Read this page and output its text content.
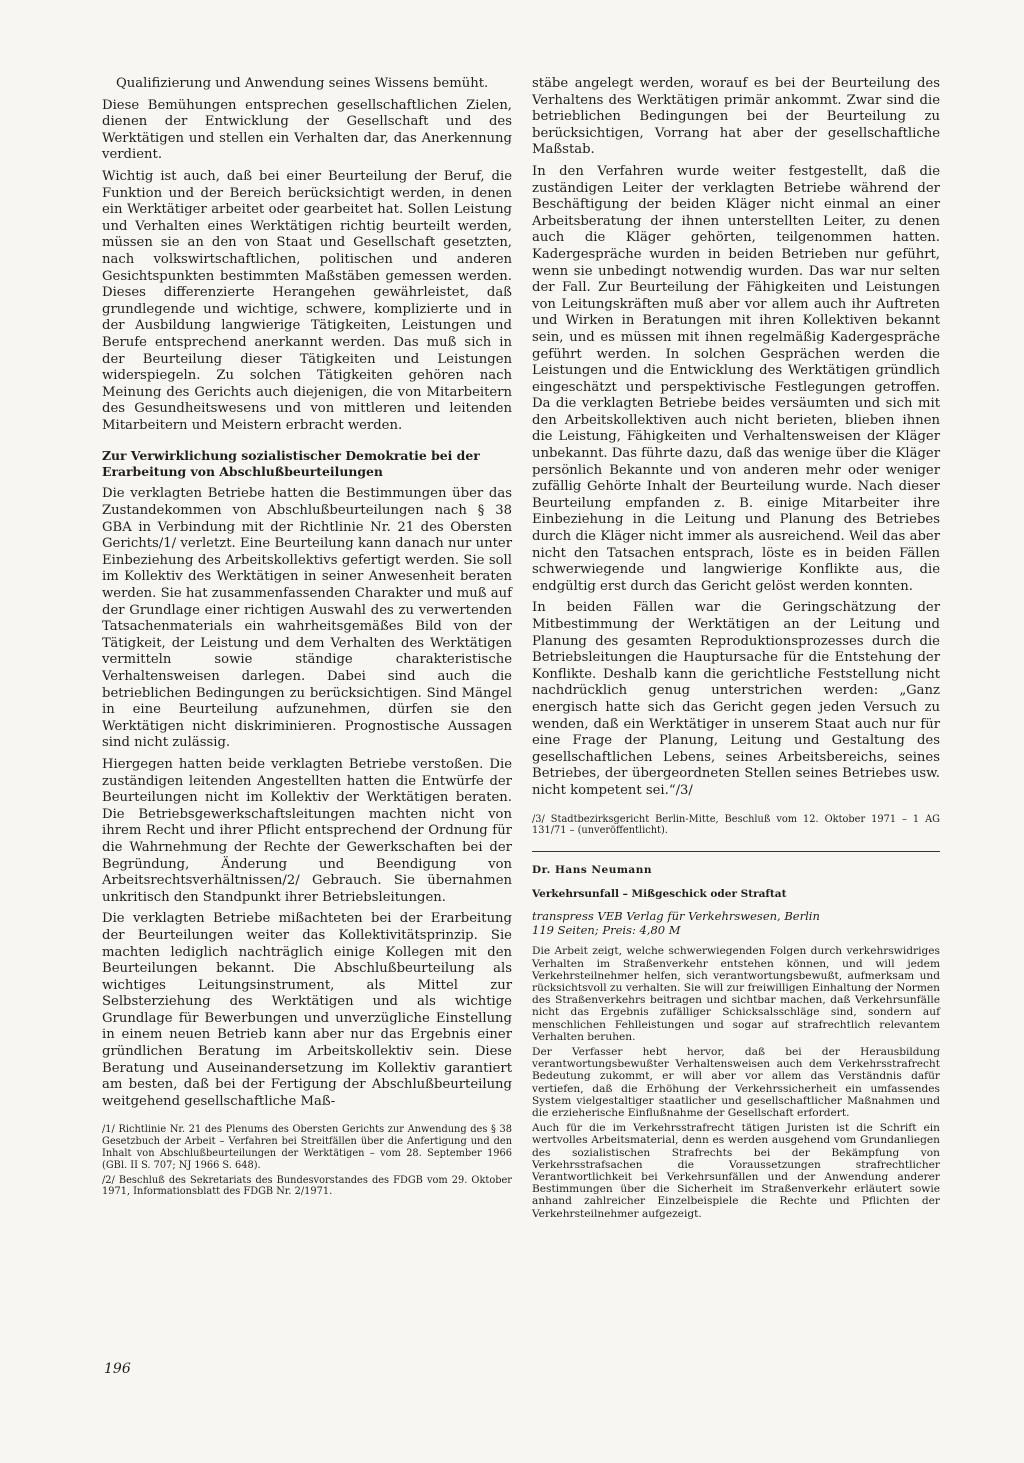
Qualifizierung und Anwendung seines Wissens bemüht.

Diese Bemühungen entsprechen gesellschaftlichen Zielen, dienen der Entwicklung der Gesellschaft und des Werktätigen und stellen ein Verhalten dar, das Anerkennung verdient.

Wichtig ist auch, daß bei einer Beurteilung der Beruf, die Funktion und der Bereich berücksichtigt werden, in denen ein Werktätiger arbeitet oder gearbeitet hat. Sollen Leistung und Verhalten eines Werktätigen richtig beurteilt werden, müssen sie an den von Staat und Gesellschaft gesetzten, nach volkswirtschaftlichen, politischen und anderen Gesichtspunkten bestimmten Maßstäben gemessen werden. Dieses differenzierte Herangehen gewährleistet, daß grundlegende und wichtige, schwere, komplizierte und in der Ausbildung langwierige Tätigkeiten, Leistungen und Berufe entsprechend anerkannt werden. Das muß sich in der Beurteilung dieser Tätigkeiten und Leistungen widerspiegeln. Zu solchen Tätigkeiten gehören nach Meinung des Gerichts auch diejenigen, die von Mitarbeitern des Gesundheitswesens und von mittleren und leitenden Mitarbeitern und Meistern erbracht werden.

Zur Verwirklichung sozialistischer Demokratie bei der Erarbeitung von Abschlußbeurteilungen

Die verklagten Betriebe hatten die Bestimmungen über das Zustandekommen von Abschlußbeurteilungen nach § 38 GBA in Verbindung mit der Richtlinie Nr. 21 des Obersten Gerichts/1/ verletzt. Eine Beurteilung kann danach nur unter Einbeziehung des Arbeitskollektivs gefertigt werden. Sie soll im Kollektiv des Werktätigen in seiner Anwesenheit beraten werden. Sie hat zusammenfassenden Charakter und muß auf der Grundlage einer richtigen Auswahl des zu verwertenden Tatsachenmaterials ein wahrheitsgemäßes Bild von der Tätigkeit, der Leistung und dem Verhalten des Werktätigen vermitteln sowie ständige charakteristische Verhaltensweisen darlegen. Dabei sind auch die betrieblichen Bedingungen zu berücksichtigen. Sind Mängel in eine Beurteilung aufzunehmen, dürfen sie den Werktätigen nicht diskriminieren. Prognostische Aussagen sind nicht zulässig.

Hiergegen hatten beide verklagten Betriebe verstoßen. Die zuständigen leitenden Angestellten hatten die Entwürfe der Beurteilungen nicht im Kollektiv der Werktätigen beraten. Die Betriebsgewerkschaftsleitungen machten nicht von ihrem Recht und ihrer Pflicht entsprechend der Ordnung für die Wahrnehmung der Rechte der Gewerkschaften bei der Begründung, Änderung und Beendigung von Arbeitsrechtsverhältnissen/2/ Gebrauch. Sie übernahmen unkritisch den Standpunkt ihrer Betriebsleitungen.

Die verklagten Betriebe mißachteten bei der Erarbeitung der Beurteilungen weiter das Kollektivitätsprinzip. Sie machten lediglich nachträglich einige Kollegen mit den Beurteilungen bekannt. Die Abschlußbeurteilung als wichtiges Leitungsinstrument, als Mittel zur Selbsterziehung des Werktätigen und als wichtige Grundlage für Bewerbungen und unverzügliche Einstellung in einem neuen Betrieb kann aber nur das Ergebnis einer gründlichen Beratung im Arbeitskollektiv sein. Diese Beratung und Auseinandersetzung im Kollektiv garantiert am besten, daß bei der Fertigung der Abschlußbeurteilung weitgehend gesellschaftliche Maß-

/1/ Richtlinie Nr. 21 des Plenums des Obersten Gerichts zur Anwendung des § 38 Gesetzbuch der Arbeit – Verfahren bei Streitfällen über die Anfertigung und den Inhalt von Abschlußbeurteilungen der Werktätigen – vom 28. September 1966 (GBl. II S. 707; NJ 1966 S. 648).

/2/ Beschluß des Sekretariats des Bundesvorstandes des FDGB vom 29. Oktober 1971, Informationsblatt des FDGB Nr. 2/1971.

stäbe angelegt werden, worauf es bei der Beurteilung des Verhaltens des Werktätigen primär ankommt. Zwar sind die betrieblichen Bedingungen bei der Beurteilung zu berücksichtigen, Vorrang hat aber der gesellschaftliche Maßstab.

In den Verfahren wurde weiter festgestellt, daß die zuständigen Leiter der verklagten Betriebe während der Beschäftigung der beiden Kläger nicht einmal an einer Arbeitsberatung der ihnen unterstellten Leiter, zu denen auch die Kläger gehörten, teilgenommen hatten. Kadergespräche wurden in beiden Betrieben nur geführt, wenn sie unbedingt notwendig wurden. Das war nur selten der Fall. Zur Beurteilung der Fähigkeiten und Leistungen von Leitungskräften muß aber vor allem auch ihr Auftreten und Wirken in Beratungen mit ihren Kollektiven bekannt sein, und es müssen mit ihnen regelmäßig Kadergespräche geführt werden. In solchen Gesprächen werden die Leistungen und die Entwicklung des Werktätigen gründlich eingeschätzt und perspektivische Festlegungen getroffen. Da die verklagten Betriebe beides versäumten und sich mit den Arbeitskollektiven auch nicht berieten, blieben ihnen die Leistung, Fähigkeiten und Verhaltensweisen der Kläger unbekannt. Das führte dazu, daß das wenige über die Kläger persönlich Bekannte und von anderen mehr oder weniger zufällig Gehörte Inhalt der Beurteilung wurde. Nach dieser Beurteilung empfanden z. B. einige Mitarbeiter ihre Einbeziehung in die Leitung und Planung des Betriebes durch die Kläger nicht immer als ausreichend. Weil das aber nicht den Tatsachen entsprach, löste es in beiden Fällen schwerwiegende und langwierige Konflikte aus, die endgültig erst durch das Gericht gelöst werden konnten.

In beiden Fällen war die Geringschätzung der Mitbestimmung der Werktätigen an der Leitung und Planung des gesamten Reproduktionsprozesses durch die Betriebsleitungen die Hauptursache für die Entstehung der Konflikte. Deshalb kann die gerichtliche Feststellung nicht nachdrücklich genug unterstrichen werden: „Ganz energisch hatte sich das Gericht gegen jeden Versuch zu wenden, daß ein Werktätiger in unserem Staat auch nur für eine Frage der Planung, Leitung und Gestaltung des gesellschaftlichen Lebens, seines Arbeitsbereichs, seines Betriebes, der übergeordneten Stellen seines Betriebes usw. nicht kompetent sei.“/3/

/3/ Stadtbezirksgericht Berlin-Mitte, Beschluß vom 12. Oktober 1971 – 1 AG 131/71 – (unveröffentlicht).

Dr. Hans Neumann
Verkehrsunfall – Mißgeschick oder Straftat
transpress VEB Verlag für Verkehrswesen, Berlin
119 Seiten; Preis: 4,80 M

Die Arbeit zeigt, welche schwerwiegenden Folgen durch verkehrswidriges Verhalten im Straßenverkehr entstehen können, und will jedem Verkehrsteilnehmer helfen, sich verantwortungsbewußt, aufmerksam und rücksichtsvoll zu verhalten. Sie will zur freiwilligen Einhaltung der Normen des Straßenverkehrs beitragen und sichtbar machen, daß Verkehrsunfälle nicht das Ergebnis zufälliger Schicksalsschläge sind, sondern auf menschlichen Fehlleistungen und sogar auf strafrechtlich relevantem Verhalten beruhen.

Der Verfasser hebt hervor, daß bei der Herausbildung verantwortungsbewußter Verhaltensweisen auch dem Verkehrsstrafrecht Bedeutung zukommt, er will aber vor allem das Verständnis dafür vertiefen, daß die Erhöhung der Verkehrssicherheit ein umfassendes System vielgestaltiger staatlicher und gesellschaftlicher Maßnahmen und die erzieherische Einflußnahme der Gesellschaft erfordert.

Auch für die im Verkehrsstrafrecht tätigen Juristen ist die Schrift ein wertvolles Arbeitsmaterial, denn es werden ausgehend vom Grundanliegen des sozialistischen Strafrechts bei der Bekämpfung von Verkehrsstrafsachen die Voraussetzungen strafrechtlicher Verantwortlichkeit bei Verkehrsunfällen und der Anwendung anderer Bestimmungen über die Sicherheit im Straßenverkehr erläutert sowie anhand zahlreicher Einzelbeispiele die Rechte und Pflichten der Verkehrsteilnehmer aufgezeigt.

196
